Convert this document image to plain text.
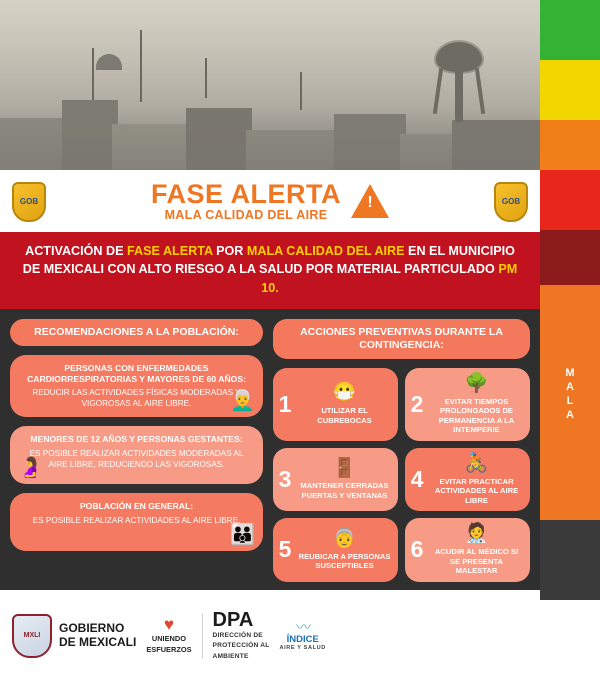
GOB	FASE ALERTA
MALA CALIDAD DEL AIRE
!	GOB
ACTIVACIÓN DE FASE ALERTA POR MALA CALIDAD DEL AIRE EN EL MUNICIPIO DE MEXICALI CON ALTO RIESGO A LA SALUD POR MATERIAL PARTICULADO PM 10.
RECOMENDACIONES A LA POBLACIÓN:
PERSONAS CON ENFERMEDADES CARDIORRESPIRATORIAS Y MAYORES DE 60 AÑOS:
REDUCIR LAS ACTIVIDADES FÍSICAS MODERADAS Y VIGOROSAS AL AIRE LIBRE.	👨‍🦳
MENORES DE 12 AÑOS Y PERSONAS GESTANTES:
ES POSIBLE REALIZAR ACTIVIDADES MODERADAS AL AIRE LIBRE, REDUCIENDO LAS VIGOROSAS.
🤰
POBLACIÓN EN GENERAL:
ES POSIBLE REALIZAR ACTIVIDADES AL AIRE LIBRE.
👪
ACCIONES PREVENTIVAS DURANTE LA CONTINGENCIA:
1	😷
UTILIZAR EL CUBREBOCAS
2
🌳
EVITAR TIEMPOS PROLONGADOS DE PERMANENCIA A LA INTEMPERIE
3	🚪
MANTENER CERRADAS PUERTAS Y VENTANAS
4
🚴
EVITAR PRACTICAR ACTIVIDADES AL AIRE LIBRE
5	👵
REUBICAR A PERSONAS SUSCEPTIBLES
6
🧑‍⚕️
ACUDIR AL MÉDICO SI SE PRESENTA MALESTAR
MXLI
GOBIERNO
DE MEXICALI
♥
UNIENDO
ESFUERZOS
DPA
DIRECCIÓN DE
PROTECCIÓN AL
AMBIENTE
〰
ÍNDICE
AIRE Y SALUD
MALA
